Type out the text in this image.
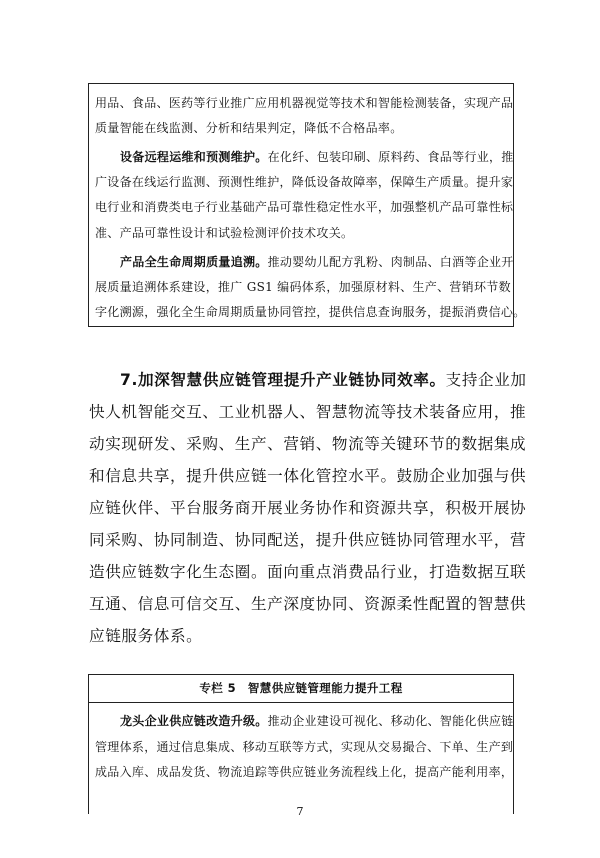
用品、食品、医药等行业推广应用机器视觉等技术和智能检测装备，实现产品
质量智能在线监测、分析和结果判定，降低不合格品率。
设备远程运维和预测维护。在化纤、包装印刷、原料药、食品等行业，推
广设备在线运行监测、预测性维护，降低设备故障率，保障生产质量。提升家
电行业和消费类电子行业基础产品可靠性稳定性水平，加强整机产品可靠性标
准、产品可靠性设计和试验检测评价技术攻关。
产品全生命周期质量追溯。推动婴幼儿配方乳粉、肉制品、白酒等企业开
展质量追溯体系建设，推广 GS1 编码体系，加强原材料、生产、营销环节数
字化溯源，强化全生命周期质量协同管控，提供信息查询服务，提振消费信心。
7.加深智慧供应链管理提升产业链协同效率。支持企业加
快人机智能交互、工业机器人、智慧物流等技术装备应用，推
动实现研发、采购、生产、营销、物流等关键环节的数据集成
和信息共享，提升供应链一体化管控水平。鼓励企业加强与供
应链伙伴、平台服务商开展业务协作和资源共享，积极开展协
同采购、协同制造、协同配送，提升供应链协同管理水平，营
造供应链数字化生态圈。面向重点消费品行业，打造数据互联
互通、信息可信交互、生产深度协同、资源柔性配置的智慧供
应链服务体系。
专栏 5　智慧供应链管理能力提升工程
龙头企业供应链改造升级。推动企业建设可视化、移动化、智能化供应链
管理体系，通过信息集成、移动互联等方式，实现从交易撮合、下单、生产到
成品入库、成品发货、物流追踪等供应链业务流程线上化，提高产能利用率，
7
